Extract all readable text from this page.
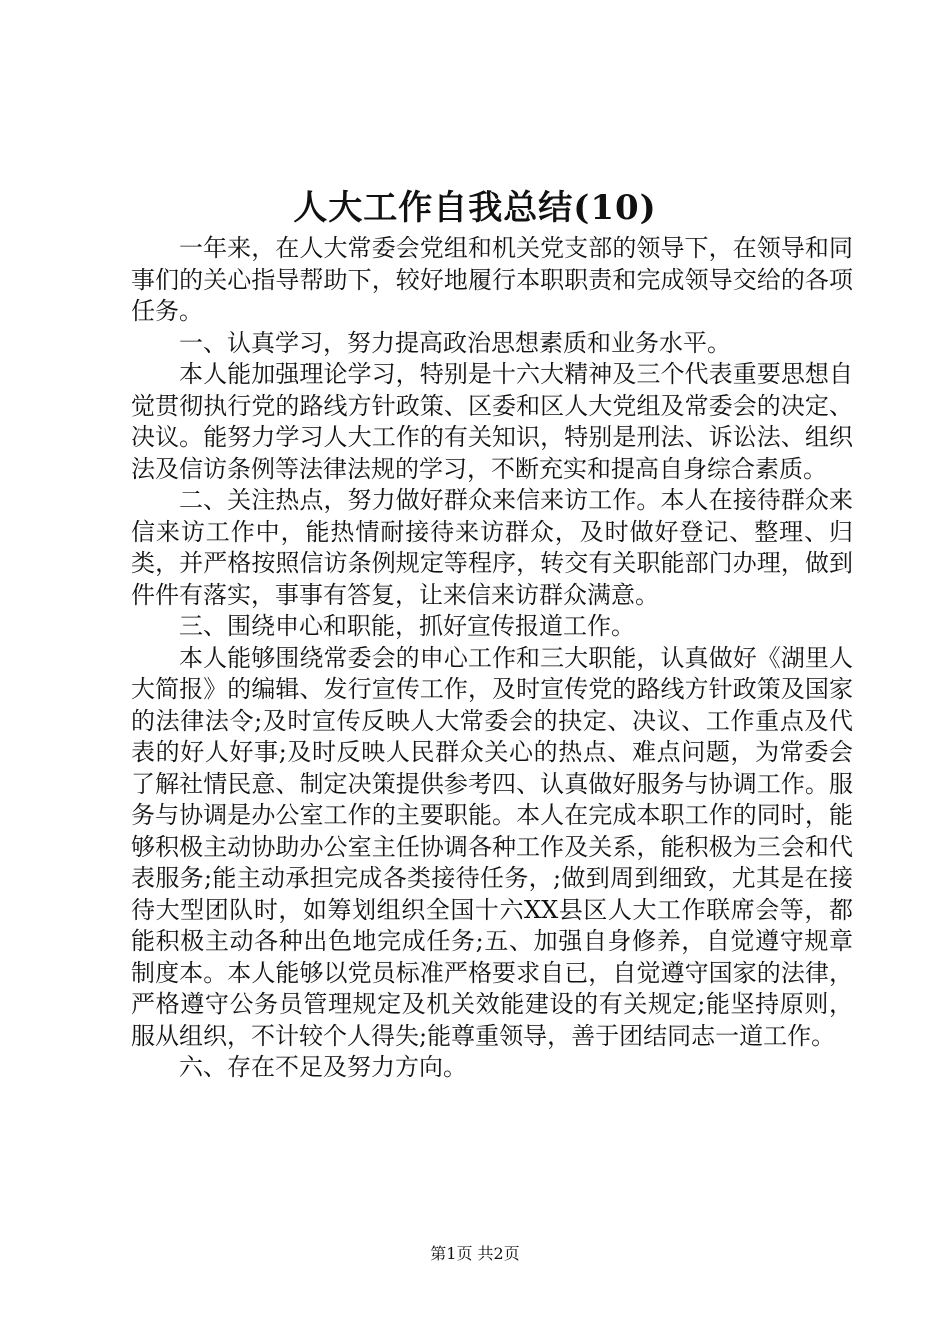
人大工作自我总结(10)

一年来，在人大常委会党组和机关党支部的领导下，在领导和同事们的关心指导帮助下，较好地履行本职职责和完成领导交给的各项任务。

一、认真学习，努力提高政治思想素质和业务水平。

本人能加强理论学习，特别是十六大精神及三个代表重要思想自觉贯彻执行党的路线方针政策、区委和区人大党组及常委会的决定、决议。能努力学习人大工作的有关知识，特别是刑法、诉讼法、组织法及信访条例等法律法规的学习，不断充实和提高自身综合素质。

二、关注热点，努力做好群众来信来访工作。本人在接待群众来信来访工作中，能热情耐接待来访群众，及时做好登记、整理、归类，并严格按照信访条例规定等程序，转交有关职能部门办理，做到件件有落实，事事有答复，让来信来访群众满意。

三、围绕申心和职能，抓好宣传报道工作。

本人能够围绕常委会的申心工作和三大职能，认真做好《湖里人大简报》的编辑、发行宣传工作，及时宣传党的路线方针政策及国家的法律法令;及时宣传反映人大常委会的抉定、决议、工作重点及代表的好人好事;及时反映人民群众关心的热点、难点问题，为常委会了解社情民意、制定决策提供参考四、认真做好服务与协调工作。服务与协调是办公室工作的主要职能。本人在完成本职工作的同时，能够积极主动协助办公室主任协调各种工作及关系，能积极为三会和代表服务;能主动承担完成各类接待任务，;做到周到细致，尤其是在接待大型团队时，如筹划组织全国十六XX县区人大工作联席会等，都能积极主动各种出色地完成任务;五、加强自身修养，自觉遵守规章制度本。本人能够以党员标准严格要求自已，自觉遵守国家的法律，严格遵守公务员管理规定及机关效能建设的有关规定;能坚持原则，服从组织，不计较个人得失;能尊重领导，善于团结同志一道工作。

六、存在不足及努力方向。

第1页 共2页
